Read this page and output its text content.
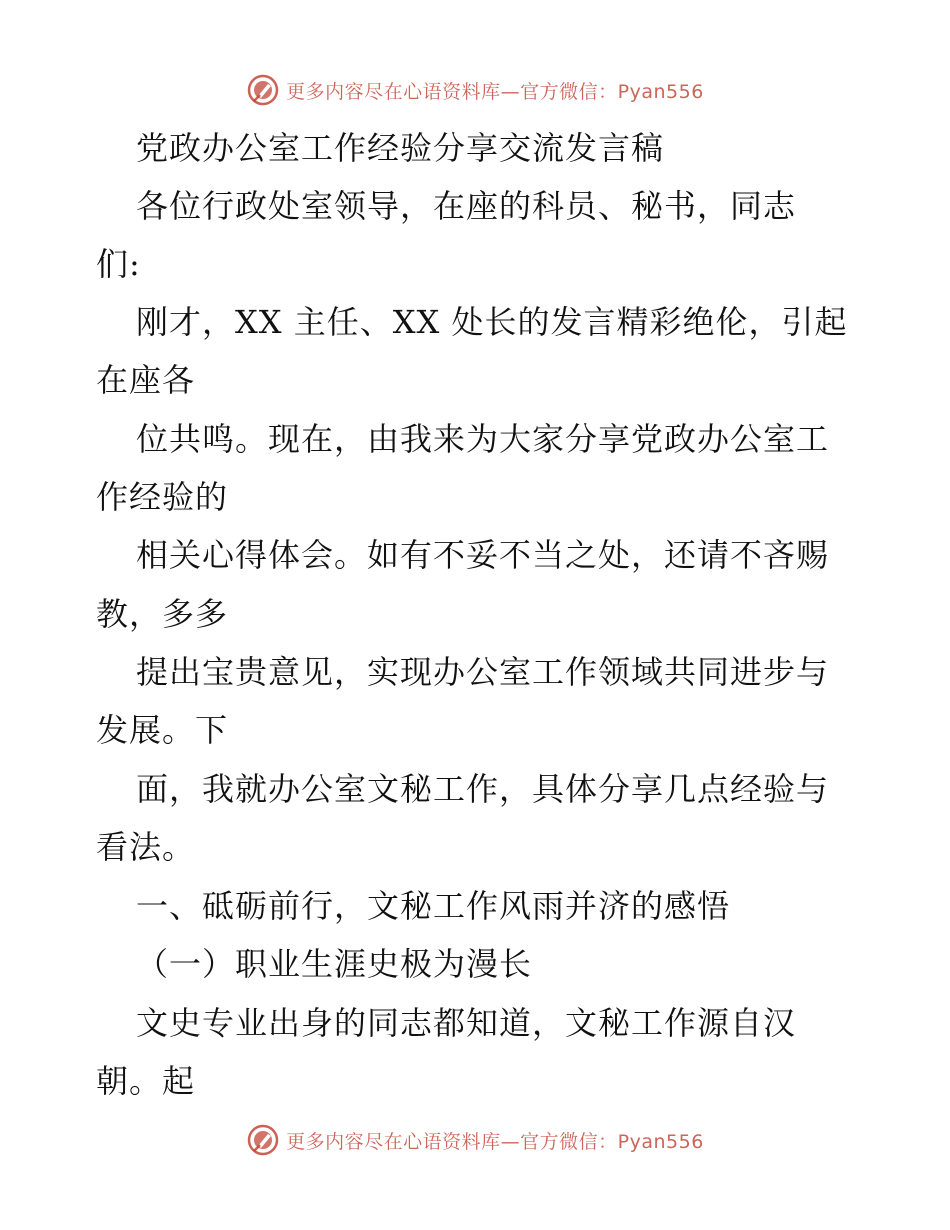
更多内容尽在心语资料库—官方微信：Pyan556
党政办公室工作经验分享交流发言稿
各位行政处室领导，在座的科员、秘书，同志
们:
刚才，XX 主任、XX 处长的发言精彩绝伦，引起
在座各
位共鸣。现在，由我来为大家分享党政办公室工
作经验的
相关心得体会。如有不妥不当之处，还请不吝赐
教，多多
提出宝贵意见，实现办公室工作领域共同进步与
发展。下
面，我就办公室文秘工作，具体分享几点经验与
看法。
一、砥砺前行，文秘工作风雨并济的感悟
（一）职业生涯史极为漫长
文史专业出身的同志都知道，文秘工作源自汉
朝。起
更多内容尽在心语资料库—官方微信：Pyan556
